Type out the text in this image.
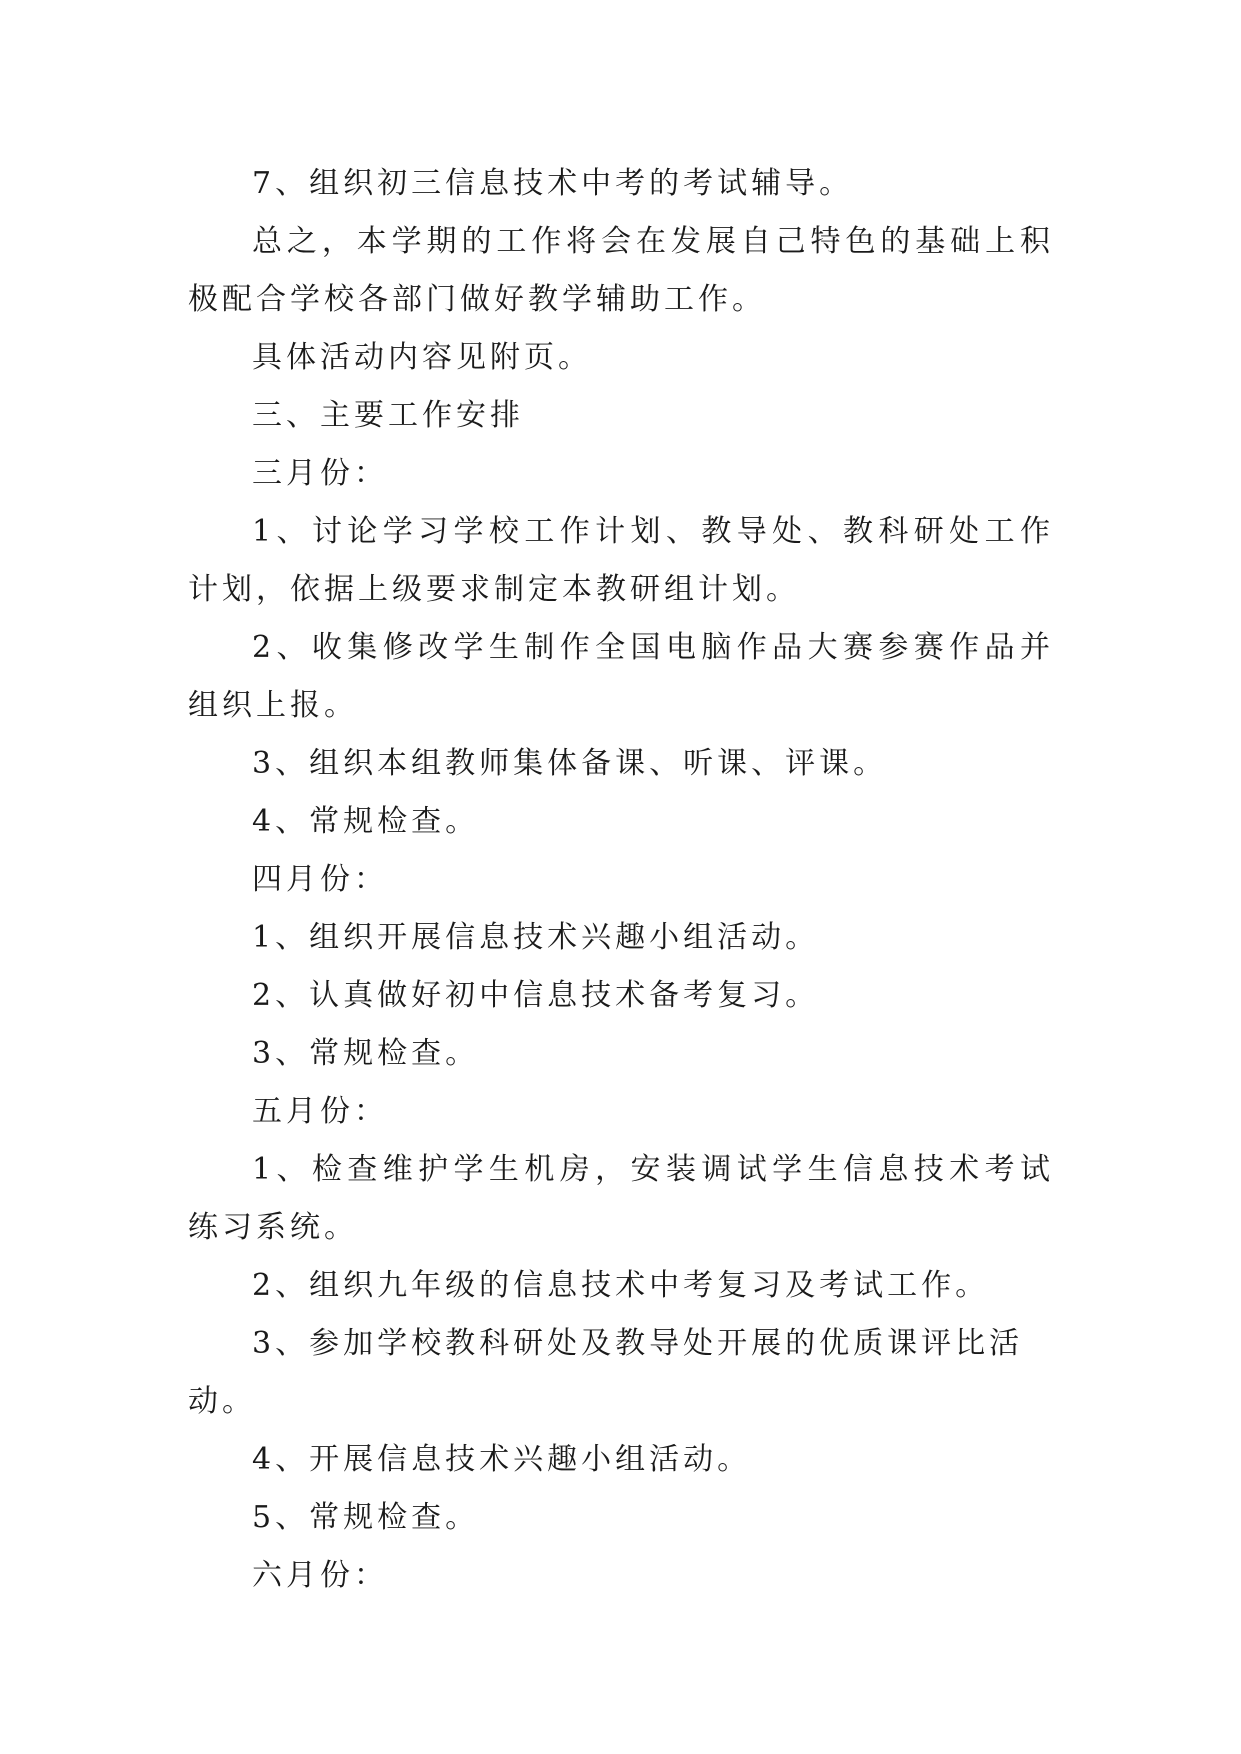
7、组织初三信息技术中考的考试辅导。

总之，本学期的工作将会在发展自己特色的基础上积极配合学校各部门做好教学辅助工作。

具体活动内容见附页。

三、主要工作安排

三月份：

1、讨论学习学校工作计划、教导处、教科研处工作计划，依据上级要求制定本教研组计划。

2、收集修改学生制作全国电脑作品大赛参赛作品并组织上报。

3、组织本组教师集体备课、听课、评课。

4、常规检查。

四月份：

1、组织开展信息技术兴趣小组活动。

2、认真做好初中信息技术备考复习。

3、常规检查。

五月份：

1、检查维护学生机房，安装调试学生信息技术考试练习系统。

2、组织九年级的信息技术中考复习及考试工作。

3、参加学校教科研处及教导处开展的优质课评比活动。

4、开展信息技术兴趣小组活动。

5、常规检查。

六月份：
